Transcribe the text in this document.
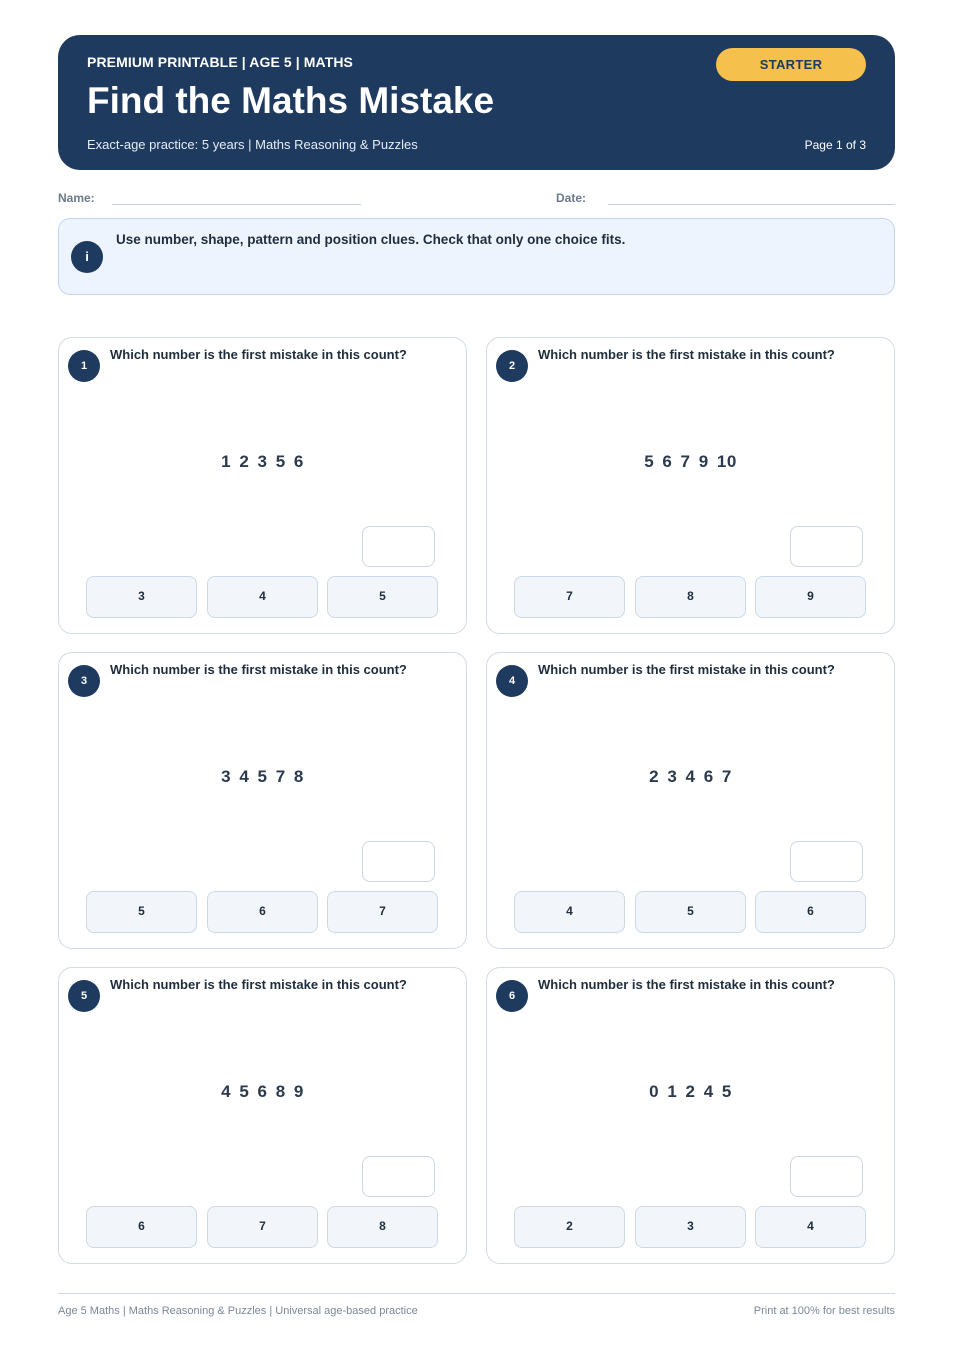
PREMIUM PRINTABLE | AGE 5 | MATHS
Find the Maths Mistake
Exact-age practice: 5 years | Maths Reasoning & Puzzles
STARTER
Page 1 of 3
Name:	Date:
i
Use number, shape, pattern and position clues. Check that only one choice fits.
1
Which number is the first mistake in this count?
1 2 3 5 6
3	4	5
2
Which number is the first mistake in this count?
5 6 7 9 10
7	8	9
3
Which number is the first mistake in this count?
3 4 5 7 8
5	6	7
4
Which number is the first mistake in this count?
2 3 4 6 7
4	5	6
5
Which number is the first mistake in this count?
4 5 6 8 9
6	7	8
6
Which number is the first mistake in this count?
0 1 2 4 5
2	3	4
Age 5 Maths | Maths Reasoning & Puzzles | Universal age-based practice	Print at 100% for best results
